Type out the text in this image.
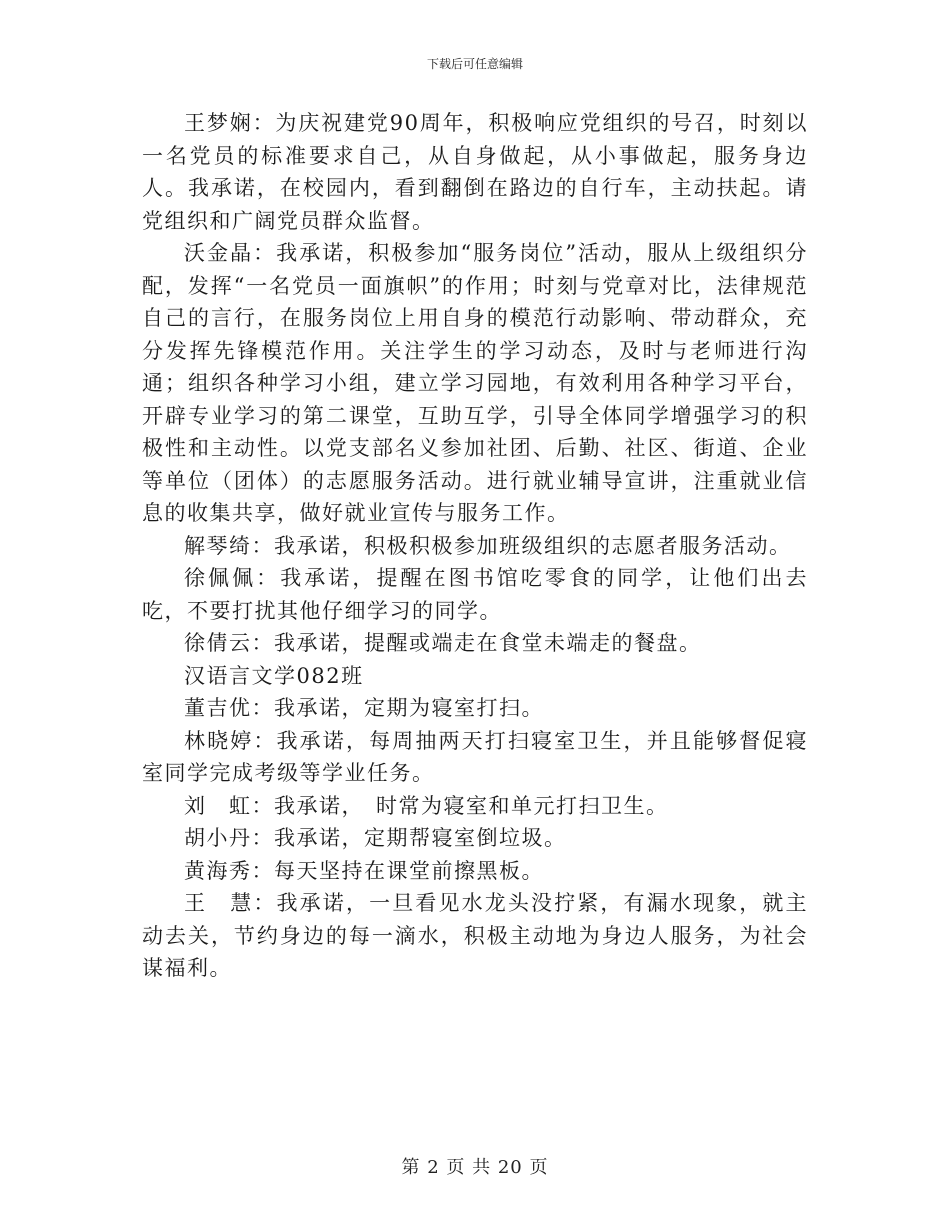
下载后可任意编辑

王梦娴：为庆祝建党90周年，积极响应党组织的号召，时刻以一名党员的标准要求自己，从自身做起，从小事做起，服务身边人。我承诺，在校园内，看到翻倒在路边的自行车，主动扶起。请党组织和广阔党员群众监督。

沃金晶：我承诺，积极参加“服务岗位”活动，服从上级组织分配，发挥“一名党员一面旗帜”的作用；时刻与党章对比，法律规范自己的言行，在服务岗位上用自身的模范行动影响、带动群众，充分发挥先锋模范作用。关注学生的学习动态，及时与老师进行沟通；组织各种学习小组，建立学习园地，有效利用各种学习平台，开辟专业学习的第二课堂，互助互学，引导全体同学增强学习的积极性和主动性。以党支部名义参加社团、后勤、社区、街道、企业等单位（团体）的志愿服务活动。进行就业辅导宣讲，注重就业信息的收集共享，做好就业宣传与服务工作。

解琴绮：我承诺，积极积极参加班级组织的志愿者服务活动。

徐佩佩：我承诺，提醒在图书馆吃零食的同学，让他们出去吃，不要打扰其他仔细学习的同学。

徐倩云：我承诺，提醒或端走在食堂未端走的餐盘。

汉语言文学082班

董吉优：我承诺，定期为寝室打扫。

林晓婷：我承诺，每周抽两天打扫寝室卫生，并且能够督促寝室同学完成考级等学业任务。

刘　虹：我承诺，　时常为寝室和单元打扫卫生。

胡小丹：我承诺，定期帮寝室倒垃圾。

黄海秀：每天坚持在课堂前擦黑板。

王　慧：我承诺，一旦看见水龙头没拧紧，有漏水现象，就主动去关，节约身边的每一滴水，积极主动地为身边人服务，为社会谋福利。

第 2 页 共 20 页
